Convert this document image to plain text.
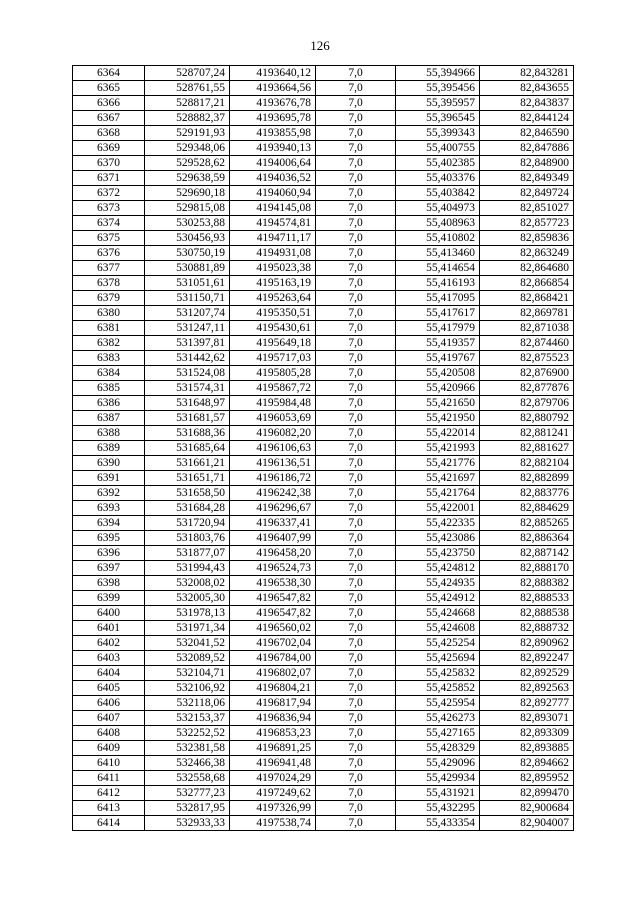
126
6364	528707,24	4193640,12	7,0	55,394966	82,843281
6365	528761,55	4193664,56	7,0	55,395456	82,843655
6366	528817,21	4193676,78	7,0	55,395957	82,843837
6367	528882,37	4193695,78	7,0	55,396545	82,844124
6368	529191,93	4193855,98	7,0	55,399343	82,846590
6369	529348,06	4193940,13	7,0	55,400755	82,847886
6370	529528,62	4194006,64	7,0	55,402385	82,848900
6371	529638,59	4194036,52	7,0	55,403376	82,849349
6372	529690,18	4194060,94	7,0	55,403842	82,849724
6373	529815,08	4194145,08	7,0	55,404973	82,851027
6374	530253,88	4194574,81	7,0	55,408963	82,857723
6375	530456,93	4194711,17	7,0	55,410802	82,859836
6376	530750,19	4194931,08	7,0	55,413460	82,863249
6377	530881,89	4195023,38	7,0	55,414654	82,864680
6378	531051,61	4195163,19	7,0	55,416193	82,866854
6379	531150,71	4195263,64	7,0	55,417095	82,868421
6380	531207,74	4195350,51	7,0	55,417617	82,869781
6381	531247,11	4195430,61	7,0	55,417979	82,871038
6382	531397,81	4195649,18	7,0	55,419357	82,874460
6383	531442,62	4195717,03	7,0	55,419767	82,875523
6384	531524,08	4195805,28	7,0	55,420508	82,876900
6385	531574,31	4195867,72	7,0	55,420966	82,877876
6386	531648,97	4195984,48	7,0	55,421650	82,879706
6387	531681,57	4196053,69	7,0	55,421950	82,880792
6388	531688,36	4196082,20	7,0	55,422014	82,881241
6389	531685,64	4196106,63	7,0	55,421993	82,881627
6390	531661,21	4196136,51	7,0	55,421776	82,882104
6391	531651,71	4196186,72	7,0	55,421697	82,882899
6392	531658,50	4196242,38	7,0	55,421764	82,883776
6393	531684,28	4196296,67	7,0	55,422001	82,884629
6394	531720,94	4196337,41	7,0	55,422335	82,885265
6395	531803,76	4196407,99	7,0	55,423086	82,886364
6396	531877,07	4196458,20	7,0	55,423750	82,887142
6397	531994,43	4196524,73	7,0	55,424812	82,888170
6398	532008,02	4196538,30	7,0	55,424935	82,888382
6399	532005,30	4196547,82	7,0	55,424912	82,888533
6400	531978,13	4196547,82	7,0	55,424668	82,888538
6401	531971,34	4196560,02	7,0	55,424608	82,888732
6402	532041,52	4196702,04	7,0	55,425254	82,890962
6403	532089,52	4196784,00	7,0	55,425694	82,892247
6404	532104,71	4196802,07	7,0	55,425832	82,892529
6405	532106,92	4196804,21	7,0	55,425852	82,892563
6406	532118,06	4196817,94	7,0	55,425954	82,892777
6407	532153,37	4196836,94	7,0	55,426273	82,893071
6408	532252,52	4196853,23	7,0	55,427165	82,893309
6409	532381,58	4196891,25	7,0	55,428329	82,893885
6410	532466,38	4196941,48	7,0	55,429096	82,894662
6411	532558,68	4197024,29	7,0	55,429934	82,895952
6412	532777,23	4197249,62	7,0	55,431921	82,899470
6413	532817,95	4197326,99	7,0	55,432295	82,900684
6414	532933,33	4197538,74	7,0	55,433354	82,904007
